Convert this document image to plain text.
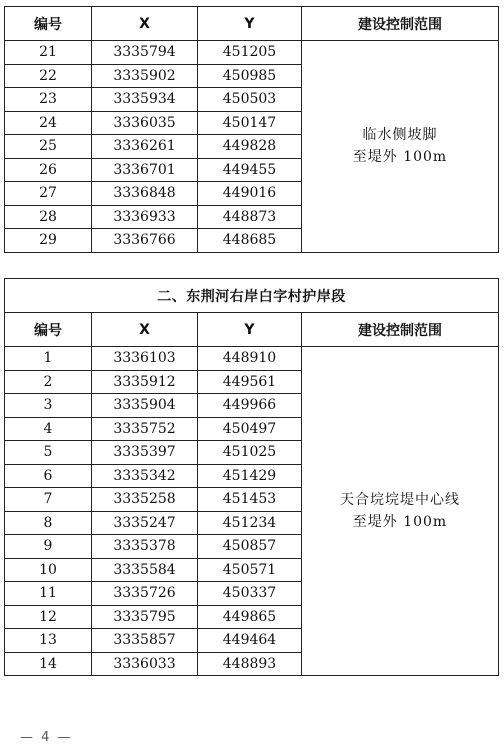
编号	X	Y	建设控制范围
21	3335794	451205	临水侧坡脚
至堤外 100m

22	3335902	450985	
23	3335934	450503	
24	3336035	450147	
25	3336261	449828	
26	3336701	449455	
27	3336848	449016	
28	3336933	448873	
29	3336766	448685	
二、东荆河右岸白字村护岸段			
编号	X	Y	建设控制范围
1	3336103	448910	天合垸垸堤中心线
至堤外 100m

2	3335912	449561	
3	3335904	449966	
4	3335752	450497	
5	3335397	451025	
6	3335342	451429	
7	3335258	451453	
8	3335247	451234	
9	3335378	450857	
10	3335584	450571	
11	3335726	450337	
12	3335795	449865	
13	3335857	449464	
14	3336033	448893	
— 4 —
